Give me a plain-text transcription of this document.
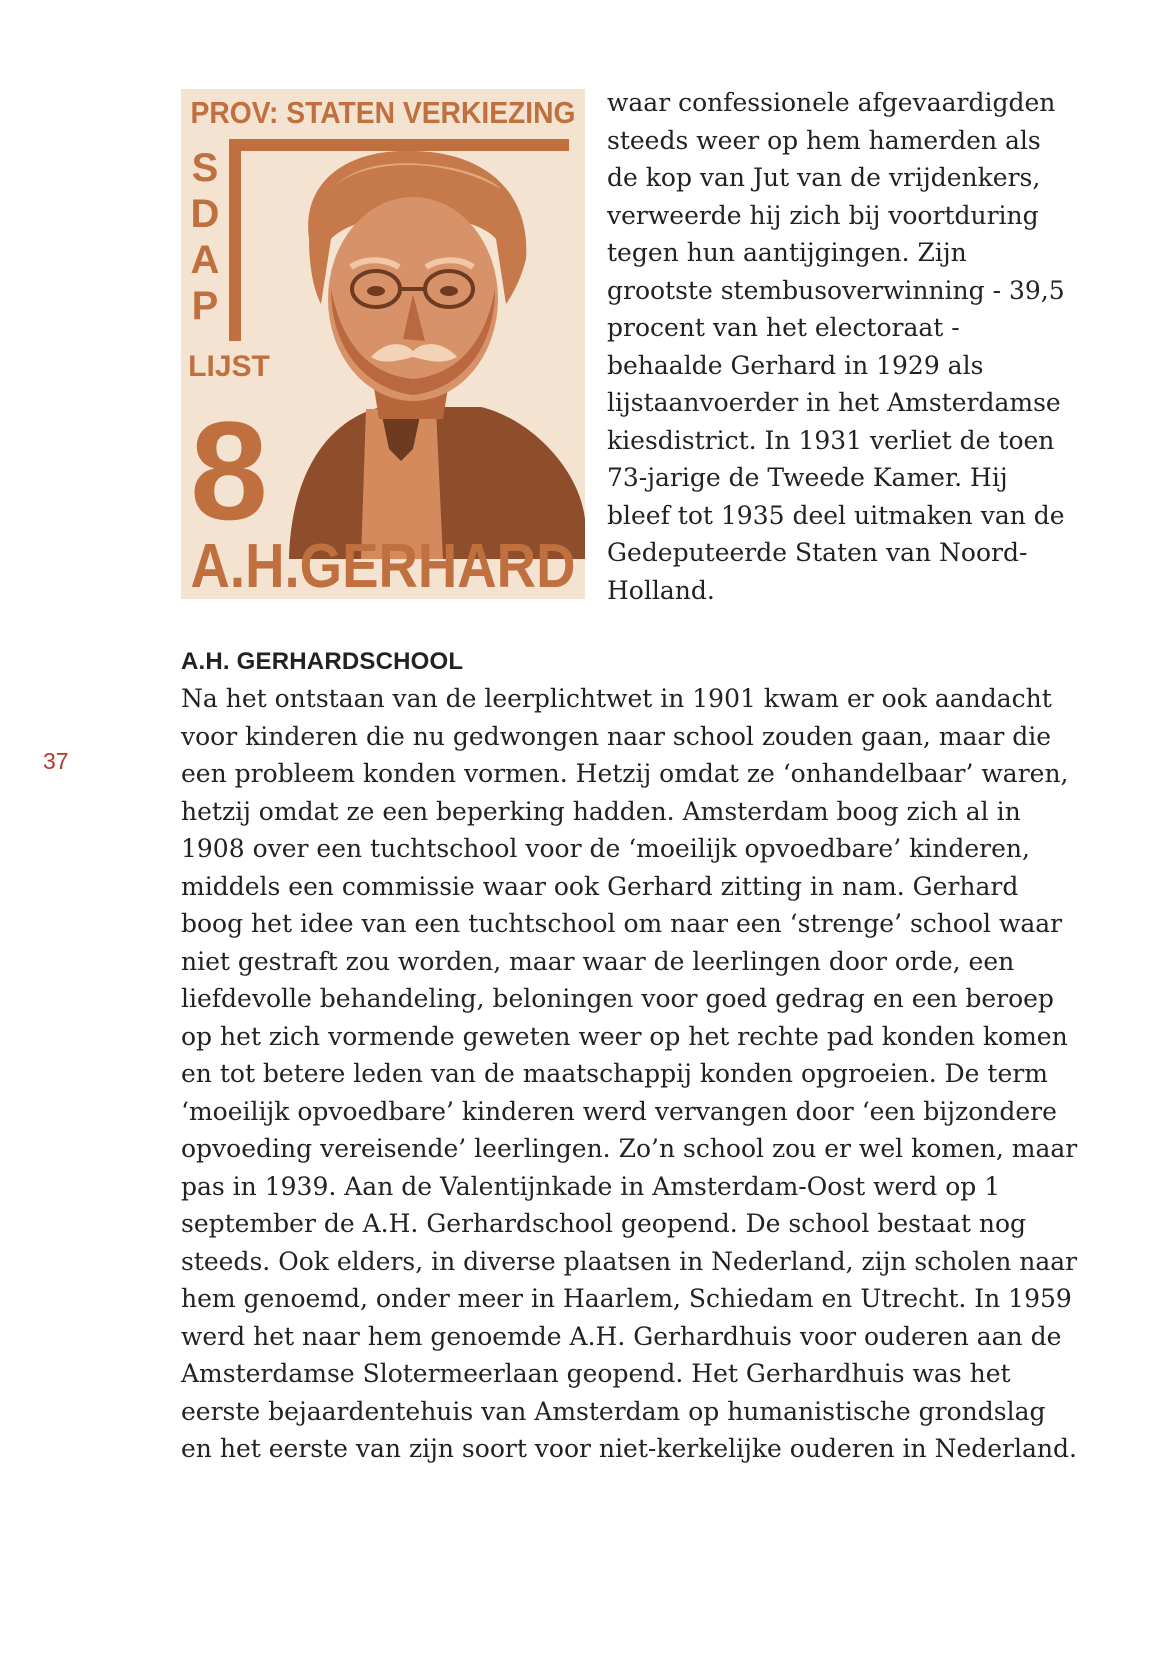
37
PROV: STATEN VERKIEZING
S
D
A
P
LIJST
8	Mulder
A.H.GERHARD

waar confessionele afgevaardigden steeds weer op hem hamerden als de kop van Jut van de vrijdenkers, verweerde hij zich bij voortduring tegen hun aantijgingen. Zijn grootste stembusoverwinning - 39,5 procent van het electoraat - behaalde Gerhard in 1929 als lijstaanvoerder in het Amsterdamse kiesdistrict. In 1931 verliet de toen 73-jarige de Tweede Kamer. Hij bleef tot 1935 deel uitmaken van de Gedeputeerde Staten van Noord-Holland.

A.H. GERHARDSCHOOL

Na het ontstaan van de leerplichtwet in 1901 kwam er ook aandacht voor kinderen die nu gedwongen naar school zouden gaan, maar die een probleem konden vormen. Hetzij omdat ze ‘onhandelbaar’ waren, hetzij omdat ze een beperking hadden. Amsterdam boog zich al in 1908 over een tuchtschool voor de ‘moeilijk opvoedbare’ kinderen, middels een commissie waar ook Gerhard zitting in nam. Gerhard boog het idee van een tuchtschool om naar een ‘strenge’ school waar niet gestraft zou worden, maar waar de leerlingen door orde, een liefdevolle behandeling, beloningen voor goed gedrag en een beroep op het zich vormende geweten weer op het rechte pad konden komen en tot betere leden van de maatschappij konden opgroeien. De term ‘moeilijk opvoedbare’ kinderen werd vervangen door ‘een bijzondere opvoeding vereisende’ leerlingen. Zo’n school zou er wel komen, maar pas in 1939. Aan de Valentijnkade in Amsterdam-Oost werd op 1 september de A.H. Gerhardschool geopend. De school bestaat nog steeds. Ook elders, in diverse plaatsen in Nederland, zijn scholen naar hem genoemd, onder meer in Haarlem, Schiedam en Utrecht. In 1959 werd het naar hem genoemde A.H. Gerhardhuis voor ouderen aan de Amsterdamse Slotermeerlaan geopend. Het Gerhardhuis was het eerste bejaardentehuis van Amsterdam op humanistische grondslag en het eerste van zijn soort voor niet-kerkelijke ouderen in Nederland.
